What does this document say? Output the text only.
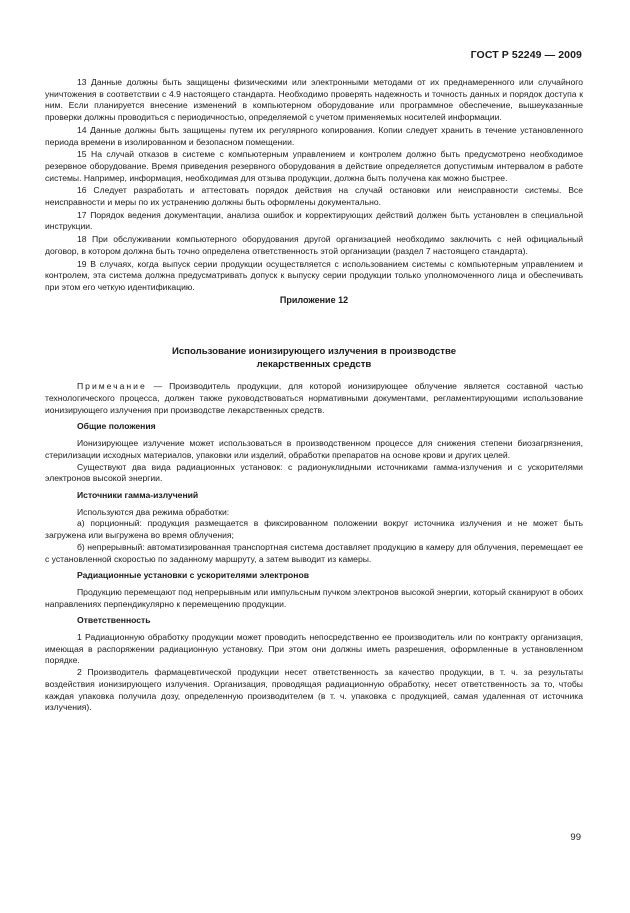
ГОСТ Р 52249 — 2009

13 Данные должны быть защищены физическими или электронными методами от их преднамеренного или случайного уничтожения в соответствии с 4.9 настоящего стандарта. Необходимо проверять надежность и точность данных и порядок доступа к ним. Если планируется внесение изменений в компьютерном оборудование или программное обеспечение, вышеуказанные проверки должны проводиться с периодичностью, определяемой с учетом применяемых носителей информации.

14 Данные должны быть защищены путем их регулярного копирования. Копии следует хранить в течение установленного периода времени в изолированном и безопасном помещении.

15 На случай отказов в системе с компьютерным управлением и контролем должно быть предусмотрено необходимое резервное оборудование. Время приведения резервного оборудования в действие определяется допустимым интервалом в работе системы. Например, информация, необходимая для отзыва продукции, должна быть получена как можно быстрее.

16 Следует разработать и аттестовать порядок действия на случай остановки или неисправности системы. Все неисправности и меры по их устранению должны быть оформлены документально.

17 Порядок ведения документации, анализа ошибок и корректирующих действий должен быть установлен в специальной инструкции.

18 При обслуживании компьютерного оборудования другой организацией необходимо заключить с ней официальный договор, в котором должна быть точно определена ответственность этой организации (раздел 7 настоящего стандарта).

19 В случаях, когда выпуск серии продукции осуществляется с использованием системы с компьютерным управлением и контролем, эта система должна предусматривать допуск к выпуску серии продукции только уполномоченного лица и обеспечивать при этом его четкую идентификацию.

Приложение 12

Использование ионизирующего излучения в производстве
лекарственных средств

Примечание — Производитель продукции, для которой ионизирующее облучение является составной частью технологического процесса, должен также руководствоваться нормативными документами, регламентирующими использование ионизирующего излучения при производстве лекарственных средств.

Общие положения

Ионизирующее излучение может использоваться в производственном процессе для снижения степени биозагрязнения, стерилизации исходных материалов, упаковки или изделий, обработки препаратов на основе крови и других целей.

Существуют два вида радиационных установок: с радионуклидными источниками гамма-излучения и с ускорителями электронов высокой энергии.

Источники гамма-излучений

Используются два режима обработки:

а) порционный: продукция размещается в фиксированном положении вокруг источника излучения и не может быть загружена или выгружена во время облучения;

б) непрерывный: автоматизированная транспортная система доставляет продукцию в камеру для облучения, перемещает ее с установленной скоростью по заданному маршруту, а затем выводит из камеры.

Радиационные установки с ускорителями электронов

Продукцию перемещают под непрерывным или импульсным пучком электронов высокой энергии, который сканируют в обоих направлениях перпендикулярно к перемещению продукции.

Ответственность

1 Радиационную обработку продукции может проводить непосредственно ее производитель или по контракту организация, имеющая в распоряжении радиационную установку. При этом они должны иметь разрешения, оформленные в установленном порядке.

2 Производитель фармацевтической продукции несет ответственность за качество продукции, в т. ч. за результаты воздействия ионизирующего излучения. Организация, проводящая радиационную обработку, несет ответственность за то, чтобы каждая упаковка получила дозу, определенную производителем (в т. ч. упаковка с продукцией, самая удаленная от источника излучения).

99
